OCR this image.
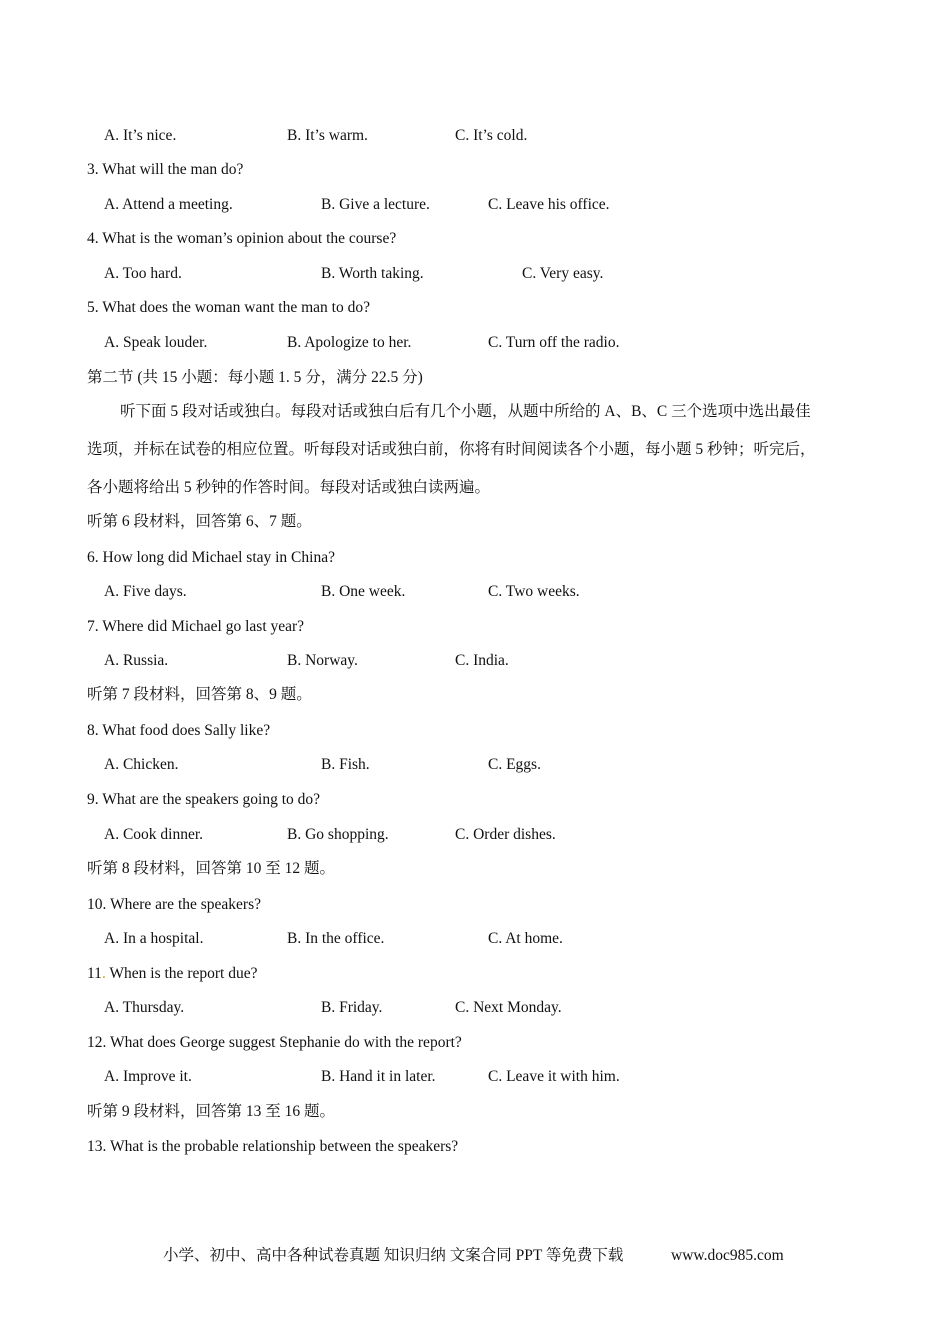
A. It’s nice.	B. It’s warm.	C. It’s cold.
3. What will the man do?
A. Attend a meeting.	B. Give a lecture.	C. Leave his office.
4. What is the woman’s opinion about the course?
A. Too hard.	B. Worth taking.	C. Very easy.
5. What does the woman want the man to do?
A. Speak louder.	B. Apologize to her.	C. Turn off the radio.
第二节 (共 15 小题：每小题 1. 5 分，满分 22.5 分)
听下面 5 段对话或独白。每段对话或独白后有几个小题，从题中所给的 A、B、C 三个选项中选出最佳
选项，并标在试卷的相应位置。听每段对话或独白前，你将有时间阅读各个小题，每小题 5 秒钟；听完后，
各小题将给出 5 秒钟的作答时间。每段对话或独白读两遍。
听第 6 段材料，回答第 6、7 题。
6. How long did Michael stay in China?
A. Five days.	B. One week.	C. Two weeks.
7. Where did Michael go last year?
A. Russia.	B. Norway.	C. India.
听第 7 段材料，回答第 8、9 题。
8. What food does Sally like?
A. Chicken.	B. Fish.	C. Eggs.
9. What are the speakers going to do?
A. Cook dinner.	B. Go shopping.	C. Order dishes.
听第 8 段材料，回答第 10 至 12 题。
10. Where are the speakers?
A. In a hospital.	B. In the office.	C. At home.
11. When is the report due?
A. Thursday.	B. Friday.	C. Next Monday.
12. What does George suggest Stephanie do with the report?
A. Improve it.	B. Hand it in later.	C. Leave it with him.
听第 9 段材料，回答第 13 至 16 题。
13. What is the probable relationship between the speakers?
小学、初中、高中各种试卷真题 知识归纳 文案合同 PPT 等免费下载	www.doc985.com
